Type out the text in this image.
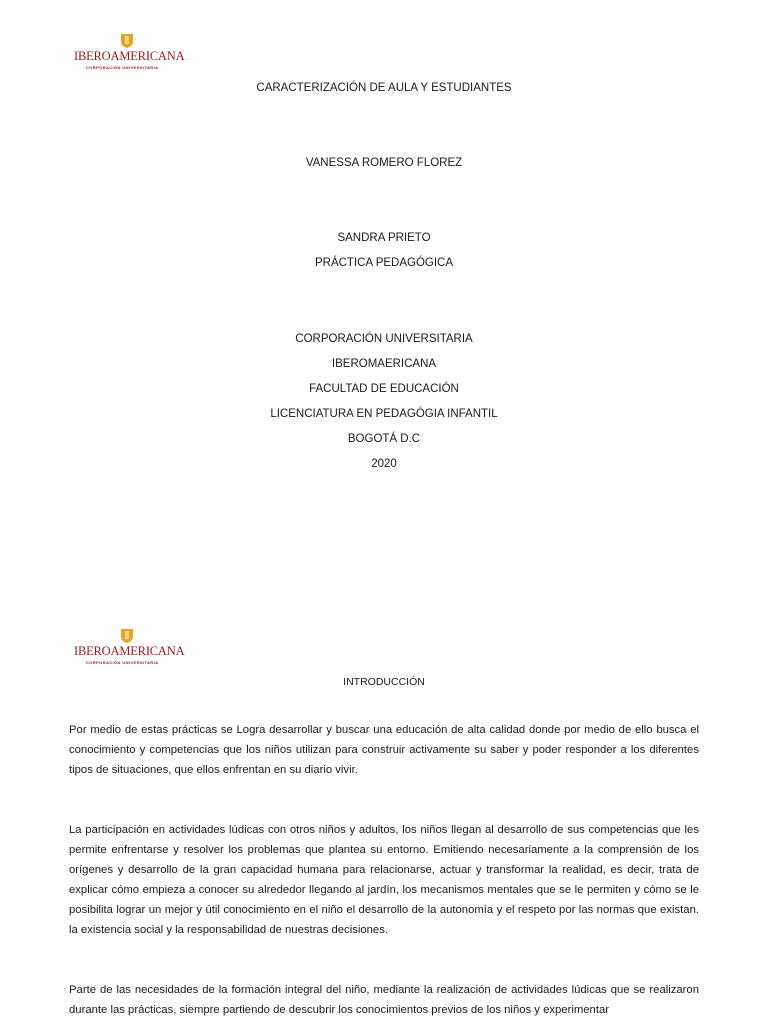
IBEROAMERICANA
CORPORACIÓN UNIVERSITARIA
CARACTERIZACIÓN DE AULA Y ESTUDIANTES
VANESSA ROMERO FLOREZ
SANDRA PRIETO
PRÁCTICA PEDAGÓGICA
CORPORACIÓN UNIVERSITARIA
IBEROMAERICANA
FACULTAD DE EDUCACIÓN
LICENCIATURA EN PEDAGÓGIA INFANTIL
BOGOTÁ D.C
2020
IBEROAMERICANA
CORPORACIÓN UNIVERSITARIA
INTRODUCCIÓN

Por medio de estas prácticas se Logra desarrollar y buscar una educación de alta calidad donde por medio de ello busca el conocimiento y competencias que los niños utilizan para construir activamente su saber y poder responder a los diferentes tipos de situaciones, que ellos enfrentan en su diario vivir.

La participación en actividades lúdicas con otros niños y adultos, los niños llegan al desarrollo de sus competencias que les permite enfrentarse y resolver los problemas que plantea su entorno. Emitiendo necesariamente a la comprensión de los orígenes y desarrollo de la gran capacidad humana para relacionarse, actuar y transformar la realidad, es decir, trata de explicar cómo empieza a conocer su alrededor llegando al jardín, los mecanismos mentales que se le permiten y cómo se le posibilita lograr un mejor y útil conocimiento en el niño el desarrollo de la autonomía y el respeto por las normas que existan. la existencia social y la responsabilidad de nuestras decisiones.

Parte de las necesidades de la formación integral del niño, mediante la realización de actividades lúdicas que se realizaron durante las prácticas, siempre partiendo de descubrir los conocimientos previos de los niños y experimentar
